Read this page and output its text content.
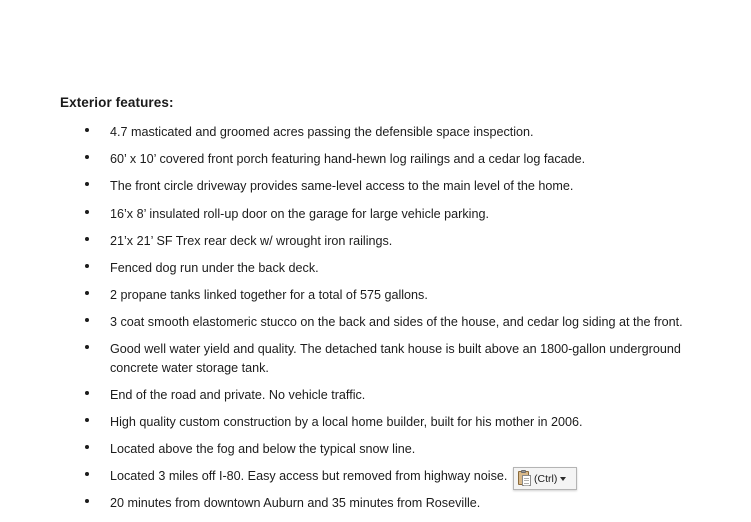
Exterior features:
4.7 masticated and groomed acres passing the defensible space inspection.
60’ x 10’ covered front porch featuring hand-hewn log railings and a cedar log facade.
The front circle driveway provides same-level access to the main level of the home.
16’x 8’ insulated roll-up door on the garage for large vehicle parking.
21’x 21’ SF Trex rear deck w/ wrought iron railings.
Fenced dog run under the back deck.
2 propane tanks linked together for a total of 575 gallons.
3 coat smooth elastomeric stucco on the back and sides of the house, and cedar log siding at the front.
Good well water yield and quality. The detached tank house is built above an 1800-gallon underground concrete water storage tank.
End of the road and private. No vehicle traffic.
High quality custom construction by a local home builder, built for his mother in 2006.
Located above the fog and below the typical snow line.
Located 3 miles off I-80. Easy access but removed from highway noise.
20 minutes from downtown Auburn and 35 minutes from Roseville.
(Ctrl)
